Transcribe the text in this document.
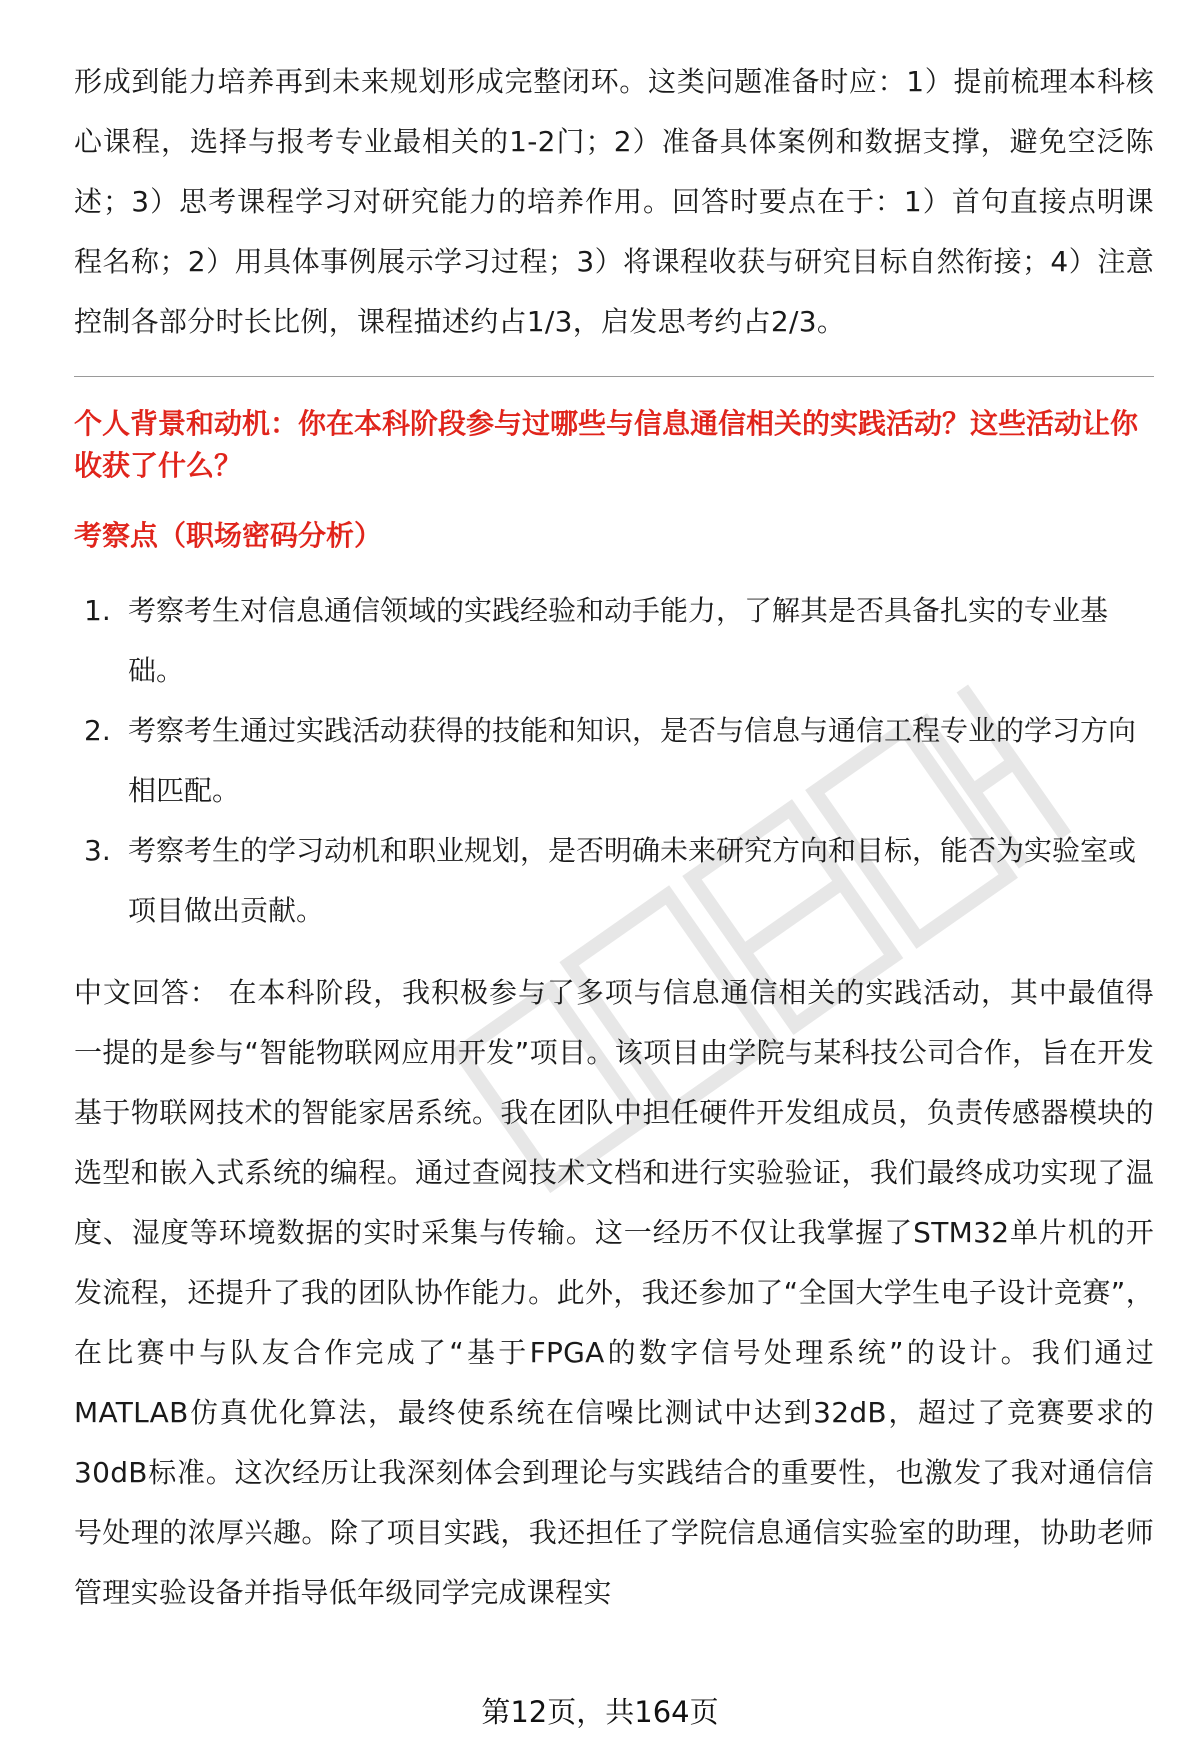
形成到能力培养再到未来规划形成完整闭环。这类问题准备时应：1）提前梳理本科核心课程，选择与报考专业最相关的1-2门；2）准备具体案例和数据支撑，避免空泛陈述；3）思考课程学习对研究能力的培养作用。回答时要点在于：1）首句直接点明课程名称；2）用具体事例展示学习过程；3）将课程收获与研究目标自然衔接；4）注意控制各部分时长比例，课程描述约占1/3，启发思考约占2/3。

个人背景和动机：你在本科阶段参与过哪些与信息通信相关的实践活动？这些活动让你收获了什么？

考察点（职场密码分析）

1. 考察考生对信息通信领域的实践经验和动手能力，了解其是否具备扎实的专业基础。
2. 考察考生通过实践活动获得的技能和知识，是否与信息与通信工程专业的学习方向相匹配。
3. 考察考生的学习动机和职业规划，是否明确未来研究方向和目标，能否为实验室或项目做出贡献。

中文回答： 在本科阶段，我积极参与了多项与信息通信相关的实践活动，其中最值得一提的是参与“智能物联网应用开发”项目。该项目由学院与某科技公司合作，旨在开发基于物联网技术的智能家居系统。我在团队中担任硬件开发组成员，负责传感器模块的选型和嵌入式系统的编程。通过查阅技术文档和进行实验验证，我们最终成功实现了温度、湿度等环境数据的实时采集与传输。这一经历不仅让我掌握了STM32单片机的开发流程，还提升了我的团队协作能力。此外，我还参加了“全国大学生电子设计竞赛”，在比赛中与队友合作完成了“基于FPGA的数字信号处理系统”的设计。我们通过MATLAB仿真优化算法，最终使系统在信噪比测试中达到32dB，超过了竞赛要求的30dB标准。这次经历让我深刻体会到理论与实践结合的重要性，也激发了我对通信信号处理的浓厚兴趣。除了项目实践，我还担任了学院信息通信实验室的助理，协助老师管理实验设备并指导低年级同学完成课程实

第12页，共164页
